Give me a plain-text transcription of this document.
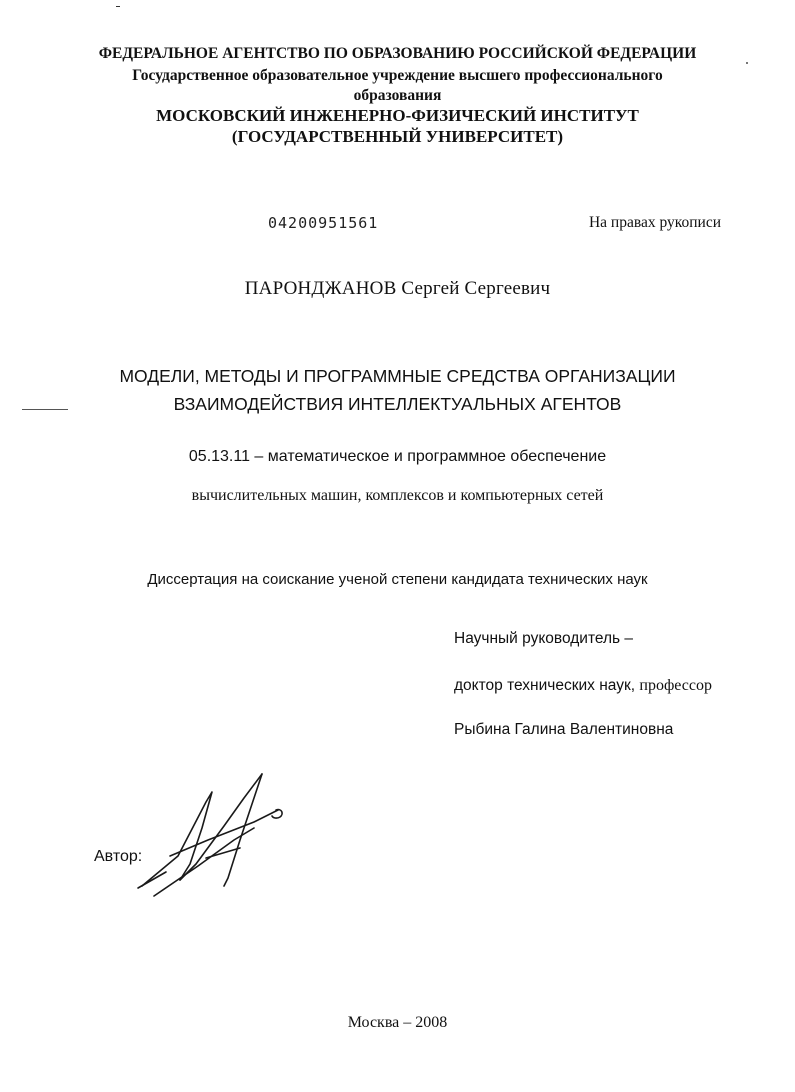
ФЕДЕРАЛЬНОЕ АГЕНТСТВО ПО ОБРАЗОВАНИЮ РОССИЙСКОЙ ФЕДЕРАЦИИ
Государственное образовательное учреждение высшего профессионального
образования
МОСКОВСКИЙ ИНЖЕНЕРНО-ФИЗИЧЕСКИЙ ИНСТИТУТ
(ГОСУДАРСТВЕННЫЙ УНИВЕРСИТЕТ)
04200951561	На правах рукописи
ПАРОНДЖАНОВ Сергей Сергеевич
МОДЕЛИ, МЕТОДЫ И ПРОГРАММНЫЕ СРЕДСТВА ОРГАНИЗАЦИИ
ВЗАИМОДЕЙСТВИЯ ИНТЕЛЛЕКТУАЛЬНЫХ АГЕНТОВ
05.13.11 – математическое и программное обеспечение
вычислительных машин, комплексов и компьютерных сетей
Диссертация на соискание ученой степени кандидата технических наук
Научный руководитель –
доктор технических наук, профессор
Рыбина Галина Валентиновна
Автор:
Москва – 2008
